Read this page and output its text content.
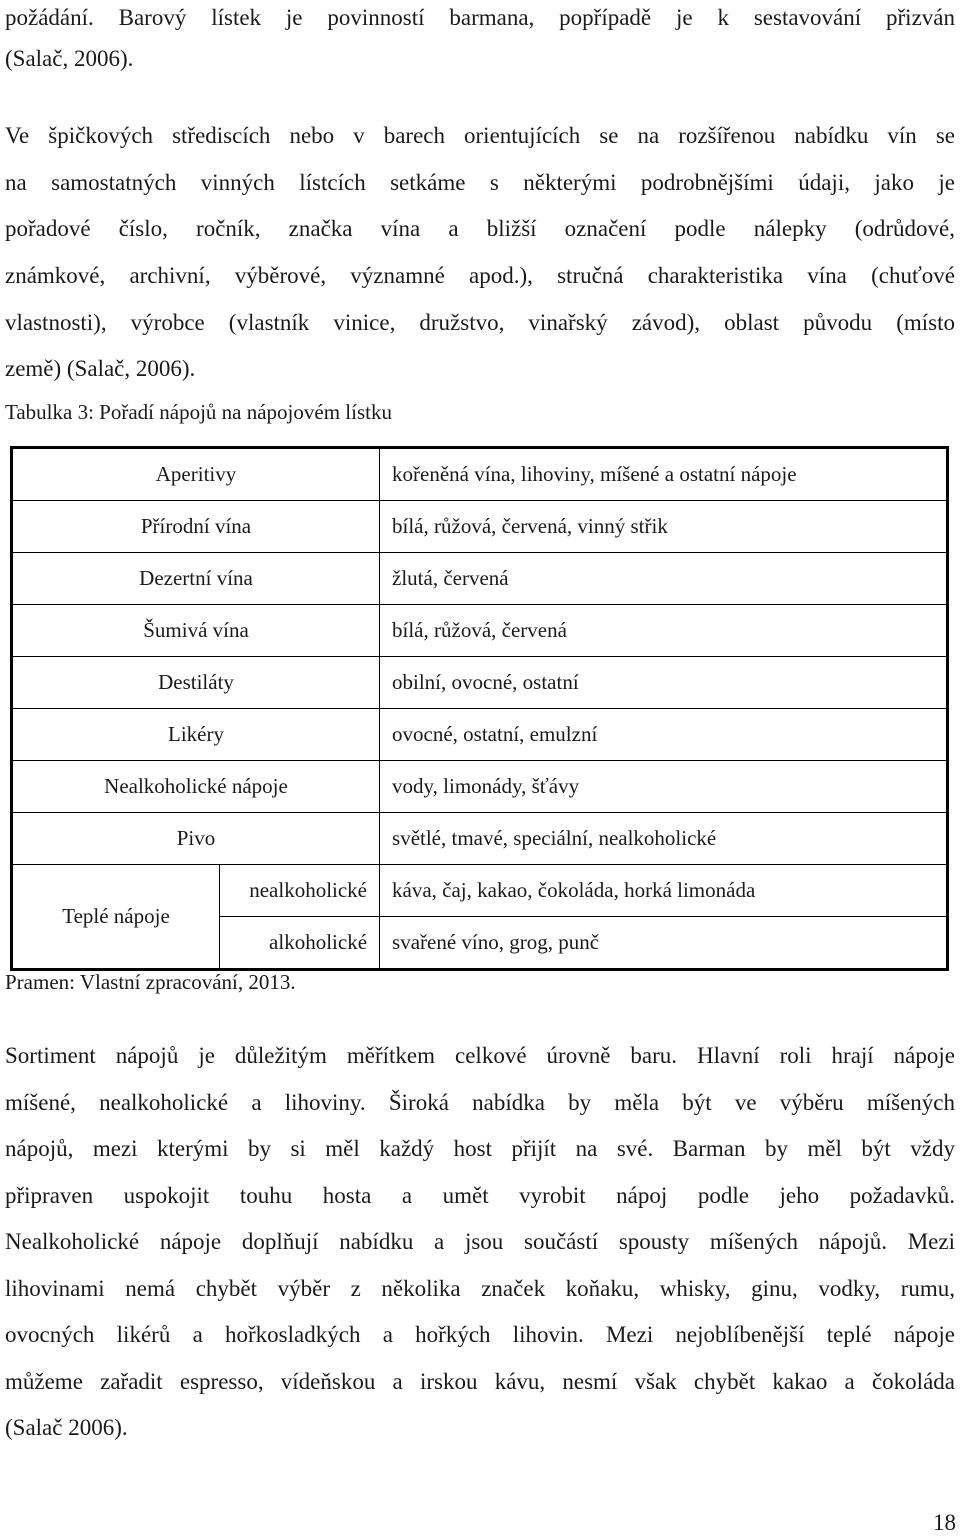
požádání. Barový lístek je povinností barmana, popřípadě je k sestavování přizván
(Salač, 2006).
Ve špičkových střediscích nebo v barech orientujících se na rozšířenou nabídku vín se
na samostatných vinných lístcích setkáme s některými podrobnějšími údaji, jako je
pořadové číslo, ročník, značka vína a bližší označení podle nálepky (odrůdové,
známkové, archivní, výběrové, významné apod.), stručná charakteristika vína (chuťové
vlastnosti), výrobce (vlastník vinice, družstvo, vinařský závod), oblast původu (místo
země) (Salač, 2006).
Tabulka 3: Pořadí nápojů na nápojovém lístku
Aperitivy		kořeněná vína, lihoviny, míšené a ostatní nápoje
Přírodní vína		bílá, růžová, červená, vinný střik
Dezertní vína		žlutá, červená
Šumivá vína		bílá, růžová, červená
Destiláty		obilní, ovocné, ostatní
Likéry		ovocné, ostatní, emulzní
Nealkoholické nápoje		vody, limonády, šťávy
Pivo		světlé, tmavé, speciální, nealkoholické
Teplé nápoje	nealkoholické	káva, čaj, kakao, čokoláda, horká limonáda
	alkoholické	svařené víno, grog, punč
Pramen: Vlastní zpracování, 2013.
Sortiment nápojů je důležitým měřítkem celkové úrovně baru. Hlavní roli hrají nápoje
míšené, nealkoholické a lihoviny. Široká nabídka by měla být ve výběru míšených
nápojů, mezi kterými by si měl každý host přijít na své. Barman by měl být vždy
připraven uspokojit touhu hosta a umět vyrobit nápoj podle jeho požadavků.
Nealkoholické nápoje doplňují nabídku a jsou součástí spousty míšených nápojů. Mezi
lihovinami nemá chybět výběr z několika značek koňaku, whisky, ginu, vodky, rumu,
ovocných likérů a hořkosladkých a hořkých lihovin. Mezi nejoblíbenější teplé nápoje
můžeme zařadit espresso, vídeňskou a irskou kávu, nesmí však chybět kakao a čokoláda
(Salač 2006).
18
